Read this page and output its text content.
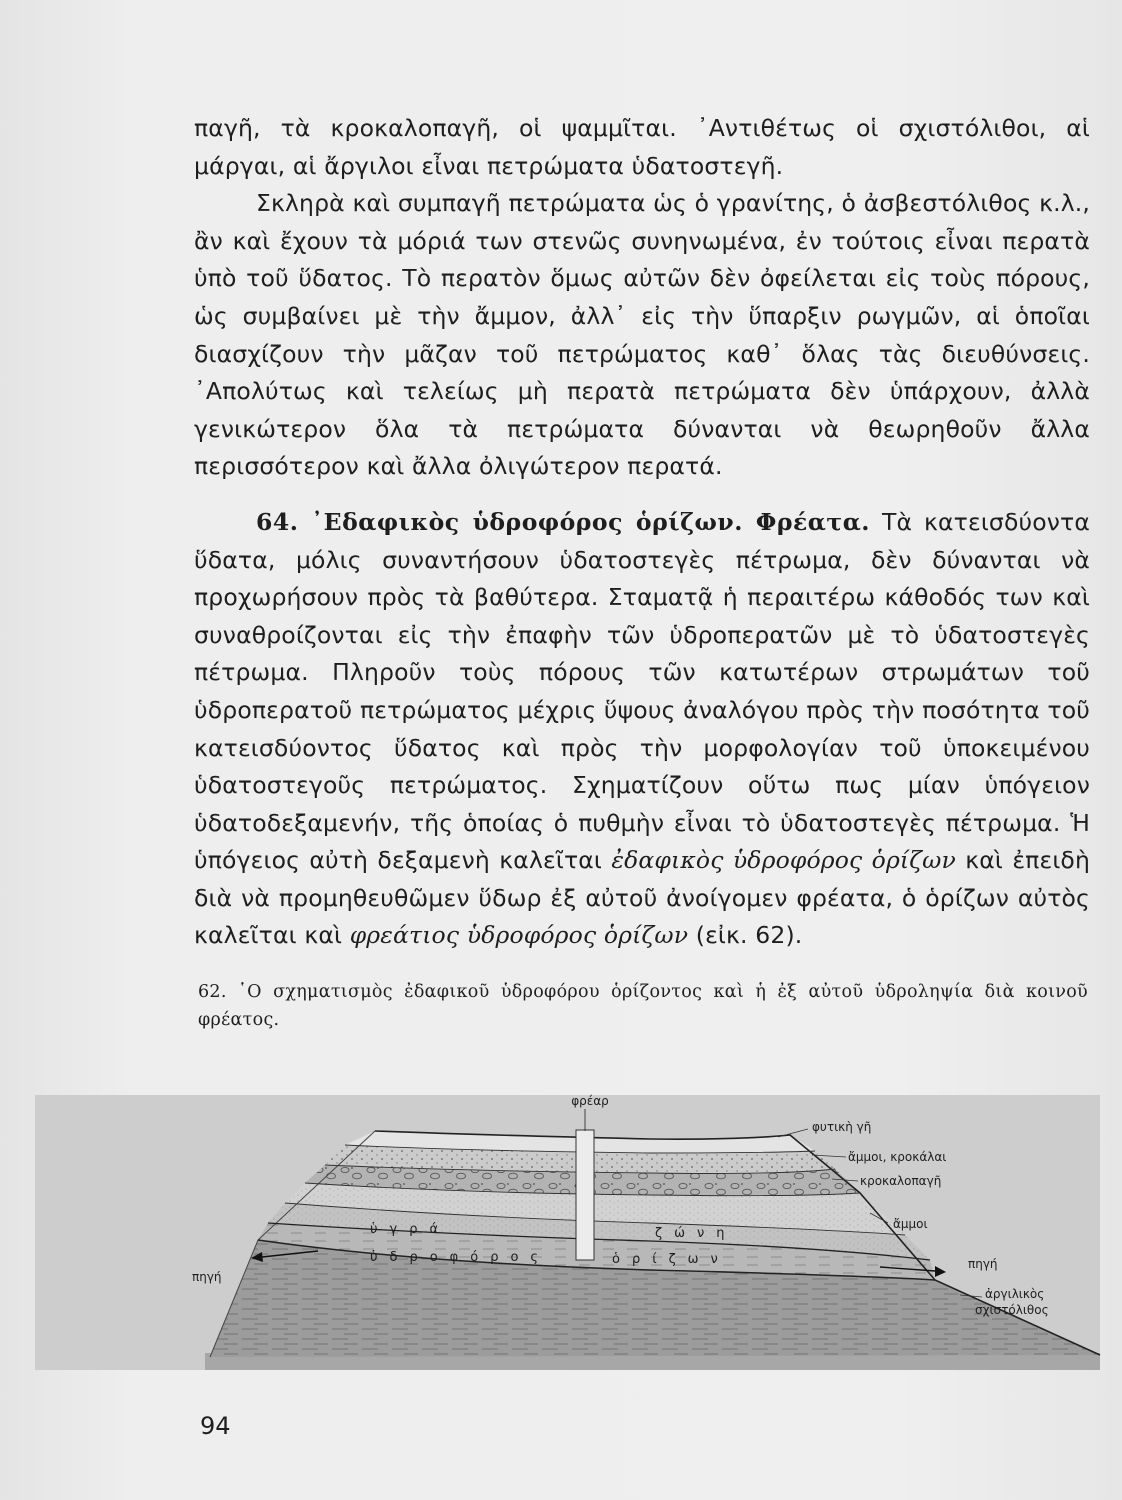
παγῆ, τὰ κροκαλοπαγῆ, οἱ ψαμμῖται. ᾿Αντιθέτως οἱ σχιστόλιθοι, αἱ μάργαι, αἱ ἄργιλοι εἶναι πετρώματα ὑδατοστεγῆ.

Σκληρὰ καὶ συμπαγῆ πετρώματα ὡς ὁ γρανίτης, ὁ ἀσβεστόλιθος κ.λ., ἂν καὶ ἔχουν τὰ μόριά των στενῶς συνηνωμένα, ἐν τούτοις εἶναι περατὰ ὑπὸ τοῦ ὕδατος. Τὸ περατὸν ὅμως αὐτῶν δὲν ὀφείλεται εἰς τοὺς πόρους, ὡς συμβαίνει μὲ τὴν ἄμμον, ἀλλ᾿ εἰς τὴν ὕπαρξιν ρωγμῶν, αἱ ὁποῖαι διασχίζουν τὴν μᾶζαν τοῦ πετρώματος καθ᾿ ὅλας τὰς διευθύνσεις. ᾿Απολύτως καὶ τελείως μὴ περατὰ πετρώματα δὲν ὑπάρχουν, ἀλλὰ γενικώτερον ὅλα τὰ πετρώματα δύνανται νὰ θεωρηθοῦν ἄλλα περισσότερον καὶ ἄλλα ὀλιγώτερον περατά.

64. ᾿Εδαφικὸς ὑδροφόρος ὁρίζων. Φρέατα. Τὰ κατεισδύοντα ὕδατα, μόλις συναντήσουν ὑδατοστεγὲς πέτρωμα, δὲν δύνανται νὰ προχωρήσουν πρὸς τὰ βαθύτερα. Σταματᾷ ἡ περαιτέρω κάθοδός των καὶ συναθροίζονται εἰς τὴν ἐπαφὴν τῶν ὑδροπερατῶν μὲ τὸ ὑδατοστεγὲς πέτρωμα. Πληροῦν τοὺς πόρους τῶν κατωτέρων στρωμάτων τοῦ ὑδροπερατοῦ πετρώματος μέχρις ὕψους ἀναλόγου πρὸς τὴν ποσότητα τοῦ κατεισδύοντος ὕδατος καὶ πρὸς τὴν μορφολογίαν τοῦ ὑποκειμένου ὑδατοστεγοῦς πετρώματος. Σχηματίζουν οὕτω πως μίαν ὑπόγειον ὑδατοδεξαμενήν, τῆς ὁποίας ὁ πυθμὴν εἶναι τὸ ὑδατοστεγὲς πέτρωμα. Ἡ ὑπόγειος αὐτὴ δεξαμενὴ καλεῖται ἐδαφικὸς ὑδροφόρος ὁρίζων καὶ ἐπειδὴ διὰ νὰ προμηθευθῶμεν ὕδωρ ἐξ αὐτοῦ ἀνοίγομεν φρέατα, ὁ ὁρίζων αὐτὸς καλεῖται καὶ φρεάτιος ὑδροφόρος ὁρίζων (εἰκ. 62).

62. ῾Ο σχηματισμὸς ἐδαφικοῦ ὑδροφόρου ὁρίζοντος καὶ ἡ ἐξ αὐτοῦ ὑδροληψία διὰ κοινοῦ φρέατος.
φρέαρ
φυτικὴ γῆ
ἄμμοι, κροκάλαι
κροκαλοπαγῆ
ἄμμοι
πηγή
ἀργιλικὸς
σχιστόλιθος
πηγή
ὑγρά	ζώνη
ὑδροφόρος	ὁρίζων
94
